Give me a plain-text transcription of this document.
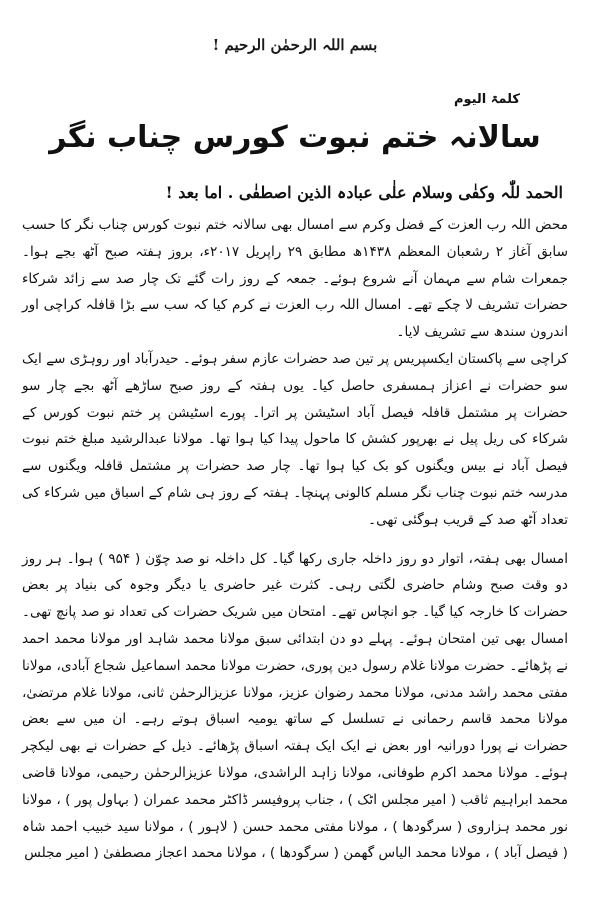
بسم اللہ الرحمٰن الرحیم !
کلمۃ الیوم
سالانہ ختم نبوت کورس چناب نگر
الحمد للّٰہ وکفٰی وسلام علٰی عبادہ الذین اصطفٰی . اما بعد !

محض اللہ رب العزت کے فضل وکرم سے امسال بھی سالانہ ختم نبوت کورس چناب نگر کا حسب سابق آغاز ۲ رشعبان المعظم ۱۴۳۸ھ مطابق ۲۹ راپریل ۲۰۱۷ء، بروز ہفتہ صبح آٹھ بجے ہوا۔ جمعرات شام سے مہمان آنے شروع ہوئے۔ جمعہ کے روز رات گئے تک چار صد سے زائد شرکاء حضرات تشریف لا چکے تھے۔ امسال اللہ رب العزت نے کرم کیا کہ سب سے بڑا قافلہ کراچی اور اندرون سندھ سے تشریف لایا۔

کراچی سے پاکستان ایکسپریس پر تین صد حضرات عازم سفر ہوئے۔ حیدرآباد اور روہڑی سے ایک سو حضرات نے اعزاز ہمسفری حاصل کیا۔ یوں ہفتہ کے روز صبح ساڑھے آٹھ بجے چار سو حضرات پر مشتمل قافلہ فیصل آباد اسٹیشن پر اترا۔ پورے اسٹیشن پر ختم نبوت کورس کے شرکاء کی ریل پیل نے بھرپور کشش کا ماحول پیدا کیا ہوا تھا۔ مولانا عبدالرشید مبلغ ختم نبوت فیصل آباد نے بیس ویگنوں کو بک کیا ہوا تھا۔ چار صد حضرات پر مشتمل قافلہ ویگنوں سے مدرسہ ختم نبوت چناب نگر مسلم کالونی پہنچا۔ ہفتہ کے روز ہی شام کے اسباق میں شرکاء کی تعداد آٹھ صد کے قریب ہوگئی تھی۔

امسال بھی ہفتہ، اتوار دو روز داخلہ جاری رکھا گیا۔ کل داخلہ نو صد چوّن ( ۹۵۴ ) ہوا۔ ہر روز دو وقت صبح وشام حاضری لگتی رہی۔ کثرت غیر حاضری یا دیگر وجوہ کی بنیاد پر بعض حضرات کا خارجہ کیا گیا۔ جو انچاس تھے۔ امتحان میں شریک حضرات کی تعداد نو صد پانچ تھی۔ امسال بھی تین امتحان ہوئے۔ پہلے دو دن ابتدائی سبق مولانا محمد شاہد اور مولانا محمد احمد نے پڑھائے۔ حضرت مولانا غلام رسول دین پوری، حضرت مولانا محمد اسماعیل شجاع آبادی، مولانا مفتی محمد راشد مدنی، مولانا محمد رضوان عزیز، مولانا عزیزالرحمٰن ثانی، مولانا غلام مرتضیٰ، مولانا محمد قاسم رحمانی نے تسلسل کے ساتھ یومیہ اسباق ہوتے رہے۔ ان میں سے بعض حضرات نے پورا دورانیہ اور بعض نے ایک ایک ہفتہ اسباق پڑھائے۔ ذیل کے حضرات نے بھی لیکچر ہوئے۔ مولانا محمد اکرم طوفانی، مولانا زاہد الراشدی، مولانا عزیزالرحمٰن رحیمی، مولانا قاضی محمد ابراہیم ثاقب ( امیر مجلس اٹک ) ، جناب پروفیسر ڈاکٹر محمد عمران ( بہاول پور ) ، مولانا نور محمد ہزاروی ( سرگودھا ) ، مولانا مفتی محمد حسن ( لاہور ) ، مولانا سید خبیب احمد شاہ ( فیصل آباد ) ، مولانا محمد الیاس گھمن ( سرگودھا ) ، مولانا محمد اعجاز مصطفیٰ ( امیر مجلس
